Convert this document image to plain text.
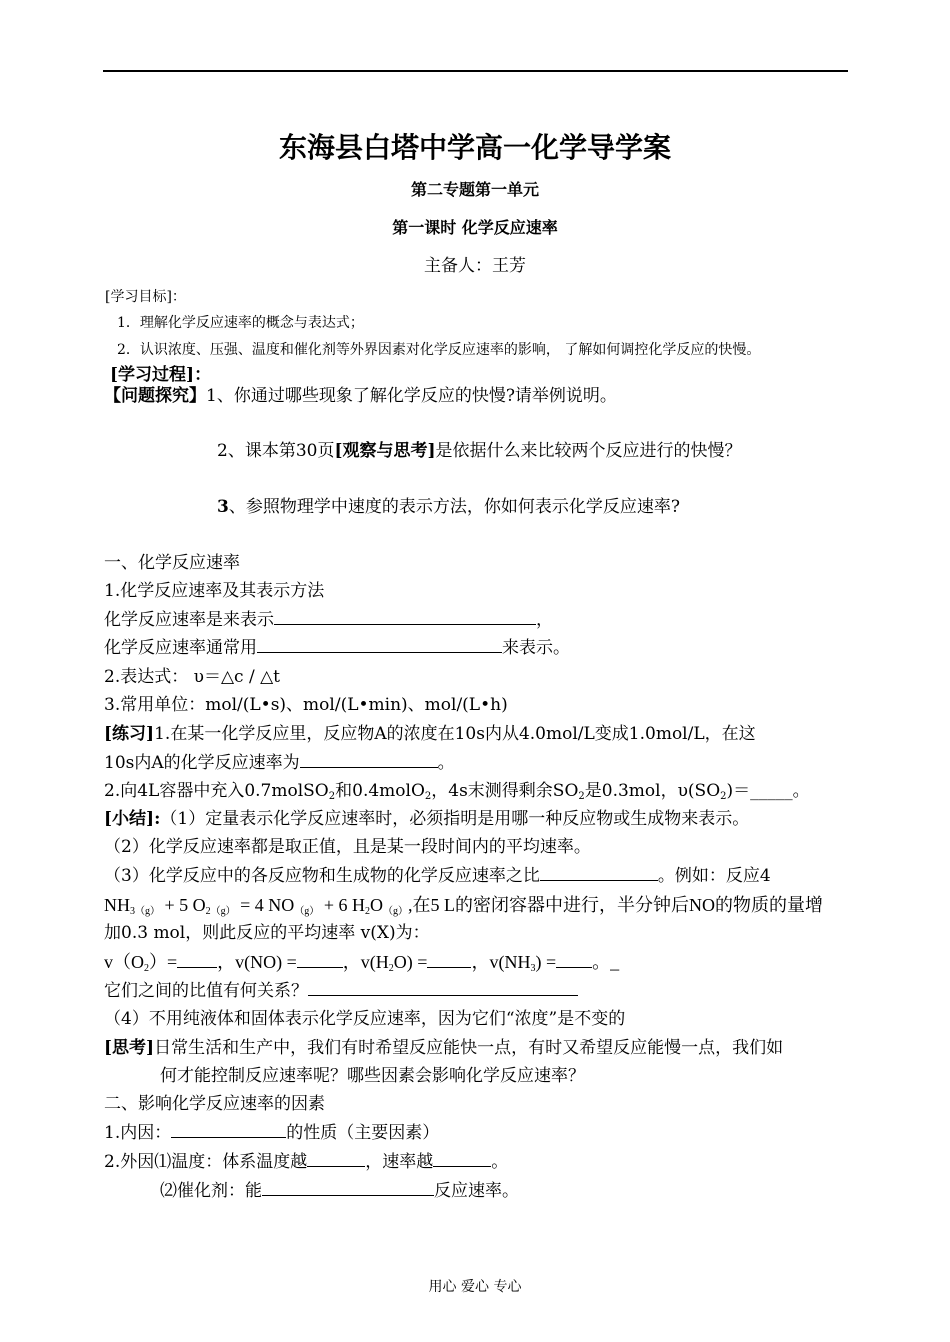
东海县白塔中学高一化学导学案
第二专题第一单元
第一课时 化学反应速率
主备人：王芳
[学习目标]：
1．理解化学反应速率的概念与表达式；
2．认识浓度、压强、温度和催化剂等外界因素对化学反应速率的影响， 了解如何调控化学反应的快慢。
[学习过程]：
【问题探究】1、你通过哪些现象了解化学反应的快慢?请举例说明。
2、课本第30页[观察与思考]是依据什么来比较两个反应进行的快慢？
3、参照物理学中速度的表示方法，你如何表示化学反应速率?
一、化学反应速率
1.化学反应速率及其表示方法
化学反应速率是来表示	，
化学反应速率通常用	来表示。
2.表达式： υ＝△c / △t
3.常用单位：mol/(L•s)、mol/(L•min)、mol/(L•h)
[练习]1.在某一化学反应里，反应物A的浓度在10s内从4.0mol/L变成1.0mol/L，在这
10s内A的化学反应速率为	。
2.向4L容器中充入0.7molSO$_2$和0.4molO$_2$，4s末测得剩余$SO_2$是0.3mol，$\upsilon(SO_2)=\_\_\_\_\_$。
[小结]:（1）定量表示化学反应速率时，必须指明是用哪一种反应物或生成物来表示。
（2）化学反应速率都是取正值，且是某一段时间内的平均速率。
（3）化学反应中的各反应物和生成物的化学反应速率之比	。例如：反应4
$NH_{3(g)} + 5$ $O_{2(g)} = 4$ $NO_{(g)} + 6$ $H_2O_{(g)}$,在5 L的密闭容器中进行，半分钟后NO的物质的量增
加0.3 mol，则此反应的平均速率 v(X)为：
$v(O_2)=$ ，v(NO) =	，$v(H_2O)$ = ，$v(NH_3)$ = 。_
它们之间的比值有何关系？
（4）不用纯液体和固体表示化学反应速率，因为它们“浓度”是不变的
[思考]日常生活和生产中，我们有时希望反应能快一点，有时又希望反应能慢一点，我们如
何才能控制反应速率呢？哪些因素会影响化学反应速率？
二、影响化学反应速率的因素
1.内因：	的性质（主要因素）
2.外因⑴温度：体系温度越	，速率越	。
⑵催化剂：能	反应速率。
用心 爱心 专心
